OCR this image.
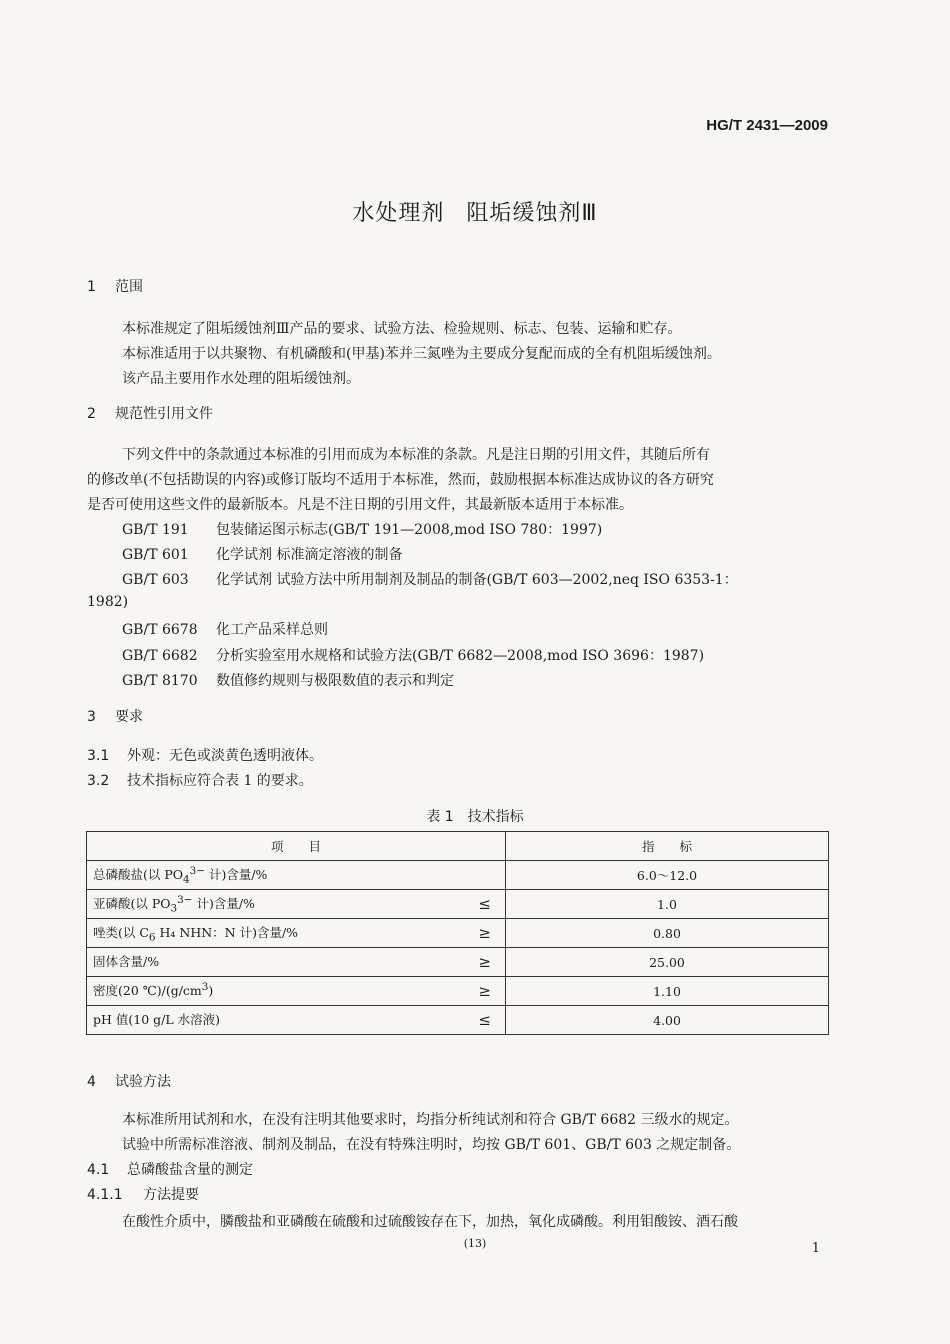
HG/T 2431—2009
水处理剂 阻垢缓蚀剂Ⅲ
1 范围
本标准规定了阻垢缓蚀剂Ⅲ产品的要求、试验方法、检验规则、标志、包装、运输和贮存。
本标准适用于以共聚物、有机磷酸和(甲基)苯并三氮唑为主要成分复配而成的全有机阻垢缓蚀剂。
该产品主要用作水处理的阻垢缓蚀剂。
2 规范性引用文件
下列文件中的条款通过本标准的引用而成为本标准的条款。凡是注日期的引用文件，其随后所有
的修改单(不包括勘误的内容)或修订版均不适用于本标准，然而，鼓励根据本标准达成协议的各方研究
是否可使用这些文件的最新版本。凡是不注日期的引用文件，其最新版本适用于本标准。
GB/T 191 包装储运图示标志(GB/T 191—2008,mod ISO 780：1997)
GB/T 601 化学试剂 标准滴定溶液的制备
GB/T 603 化学试剂 试验方法中所用制剂及制品的制备(GB/T 603—2002,neq ISO 6353-1：
1982)
GB/T 6678 化工产品采样总则
GB/T 6682 分析实验室用水规格和试验方法(GB/T 6682—2008,mod ISO 3696：1987)
GB/T 8170 数值修约规则与极限数值的表示和判定
3 要求
3.1 外观：无色或淡黄色透明液体。
3.2 技术指标应符合表 1 的要求。
表 1　技术指标
项　　目	指　　标
总磷酸盐(以 $PO_4^{3-}$ 计)含量/%	6.0～12.0
亚磷酸(以 $PO_3^{3-}$ 计)含量/% ≤	1.0
唑类(以 $C_6$ H₄ NHN：N 计)含量/% ≥	0.80
固体含量/% ≥	25.00
密度(20 $℃)/(g/cm^3)$ ≥	1.10
pH 值(10 g/L 水溶液) ≤	4.00
4 试验方法
本标准所用试剂和水，在没有注明其他要求时，均指分析纯试剂和符合 GB/T 6682 三级水的规定。
试验中所需标准溶液、制剂及制品，在没有特殊注明时，均按 GB/T 601、GB/T 603 之规定制备。
4.1 总磷酸盐含量的测定
4.1.1 方法提要
在酸性介质中，膦酸盐和亚磷酸在硫酸和过硫酸铵存在下，加热，氧化成磷酸。利用钼酸铵、酒石酸
(13)	1
